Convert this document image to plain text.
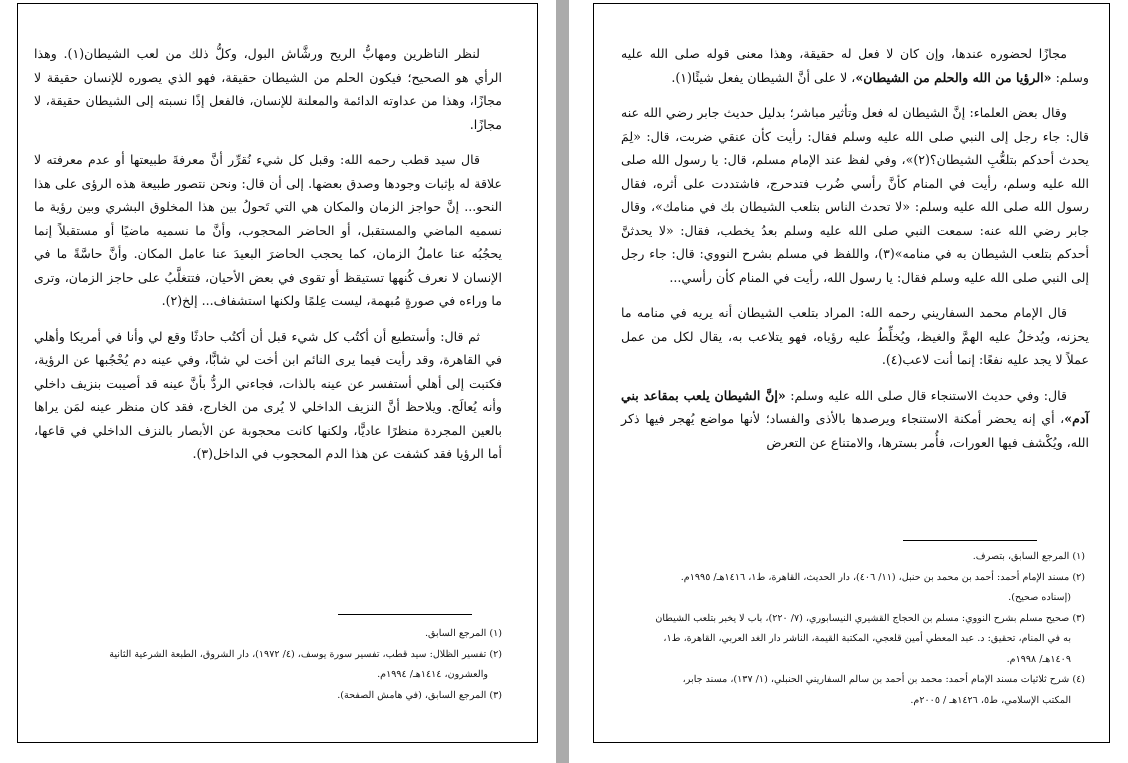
لنظر الناظرين ومهابُّ الريح ورشَّاش البول، وكلُّ ذلك من لعب الشيطان(١). وهذا الرأي هو الصحيح؛ فيكون الحلم من الشيطان حقيقة، فهو الذي يصوره للإنسان حقيقة لا مجازًا، وهذا من عداوته الدائمة والمعلنة للإنسان، فالفعل إذًا نسبته إلى الشيطان حقيقة، لا مجازًا.

قال سيد قطب رحمه الله: وقبل كل شيء نُقرِّر أنَّ معرفةَ طبيعتها أو عدم معرفته لا علاقة له بإثبات وجودها وصدق بعضها. إلى أن قال: ونحن نتصور طبيعة هذه الرؤى على هذا النحو... إنَّ حواجز الزمان والمكان هي التي تَحولُ بين هذا المخلوق البشري وبين رؤية ما نسميه الماضي والمستقبل، أو الحاضر المحجوب، وأنَّ ما نسميه ماضيًا أو مستقبلاً إنما يحجُبُه عنا عاملُ الزمان، كما يحجب الحاضرَ البعيدَ عنا عامل المكان. وأنَّ حاسَّةً ما في الإنسان لا نعرف كُنهها تستيقظ أو تقوى في بعض الأحيان، فتتغلَّبُ على حاجز الزمان، وترى ما وراءه في صورةٍ مُبهمة، ليست عِلمًا ولكنها استشفاف... إلخ(٢).

ثم قال: وأستطيع أن أكتُب كل شيء قبل أن أكتُب حادثًا وقع لي وأنا في أمريكا وأهلي في القاهرة، وقد رأيت فيما يرى النائم ابن أخت لي شابًّا، وفي عينه دم يُحْجُبها عن الرؤية، فكتبت إلى أهلي أستفسر عن عينه بالذات، فجاءني الردُّ بأنَّ عينه قد أصيبت بنزيف داخلي وأنه يُعالَج. ويلاحظ أنَّ النزيف الداخلي لا يُرى من الخارج، فقد كان منظر عينه لمَن يراها بالعين المجردة منظرًا عاديًّا، ولكنها كانت محجوبة عن الأبصار بالنزف الداخلي في قاعها، أما الرؤيا فقد كشفت عن هذا الدم المحجوب في الداخل(٣).

(١) المرجع السابق.
(٢) تفسير الظلال: سيد قطب، تفسير سورة يوسف، (٤/ ١٩٧٢)، دار الشروق، الطبعة الشرعية الثانية
والعشرون، ١٤١٤هـ/ ١٩٩٤م.
(٣) المرجع السابق، (في هامش الصفحة).

مجازًا لحضوره عندها، وإن كان لا فعل له حقيقة، وهذا معنى قوله صلى الله عليه وسلم: «الرؤيا من الله والحلم من الشيطان»، لا على أنَّ الشيطان يفعل شيئًا(١).

وقال بعض العلماء: إنَّ الشيطان له فعل وتأثير مباشر؛ بدليل حديث جابر رضي الله عنه قال: جاء رجل إلى النبي صلى الله عليه وسلم فقال: رأيت كأن عنقي ضربت، قال: «لِمَ يحدث أحدكم بتلعُّبِ الشيطان؟(٢)»، وفي لفظ عند الإمام مسلم، قال: يا رسول الله صلى الله عليه وسلم، رأيت في المنام كأنَّ رأسي ضُرب فتدحرج، فاشتددت على أثره، فقال رسول الله صلى الله عليه وسلم: «لا تحدث الناس بتلعب الشيطان بك في منامك»، وقال جابر رضي الله عنه: سمعت النبي صلى الله عليه وسلم بعدُ يخطب، فقال: «لا يحدثنَّ أحدكم بتلعب الشيطان به في منامه»(٣)، واللفظ في مسلم بشرح النووي: قال: جاء رجل إلى النبي صلى الله عليه وسلم فقال: يا رسول الله، رأيت في المنام كأن رأسي...

قال الإمام محمد السفاريني رحمه الله: المراد بتلعب الشيطان أنه يريه في منامه ما يحزنه، ويُدخلُ عليه الهمَّ والغيظ، ويُخلِّطُ عليه رؤياه، فهو يتلاعب به، يقال لكل من عمل عملاً لا يجد عليه نفعًا: إنما أنت لاعب(٤).

قال: وفي حديث الاستنجاء قال صلى الله عليه وسلم: «إنَّ الشيطان يلعب بمقاعد بني آدم»، أي إنه يحضر أمكنة الاستنجاء ويرصدها بالأذى والفساد؛ لأنها مواضع يُهجر فيها ذكر الله، ويُكْشف فيها العورات، فأُمر بسترها، والامتناع عن التعرض

(١) المرجع السابق، بتصرف.
(٢) مسند الإمام أحمد: أحمد بن محمد بن حنبل، (١١/ ٤٠٦)، دار الحديث، القاهرة، ط١، ١٤١٦هـ/ ١٩٩٥م.
(إسناده صحيح).
(٣) صحيح مسلم بشرح النووي: مسلم بن الحجاج القشيري النيسابوري، (٧/ ٢٢٠)، باب لا يخبر بتلعب الشيطان
به في المنام، تحقيق: د. عبد المعطي أمين قلعجي، المكتبة القيمة، الناشر دار الغد العربي، القاهرة، ط١،
١٤٠٩هـ/ ١٩٩٨م.
(٤) شرح ثلاثيات مسند الإمام أحمد: محمد بن أحمد بن سالم السفاريني الحنبلي، (١/ ١٣٧)، مسند جابر،
المكتب الإسلامي، ط٥، ١٤٢٦هـ / ٢٠٠٥م.
